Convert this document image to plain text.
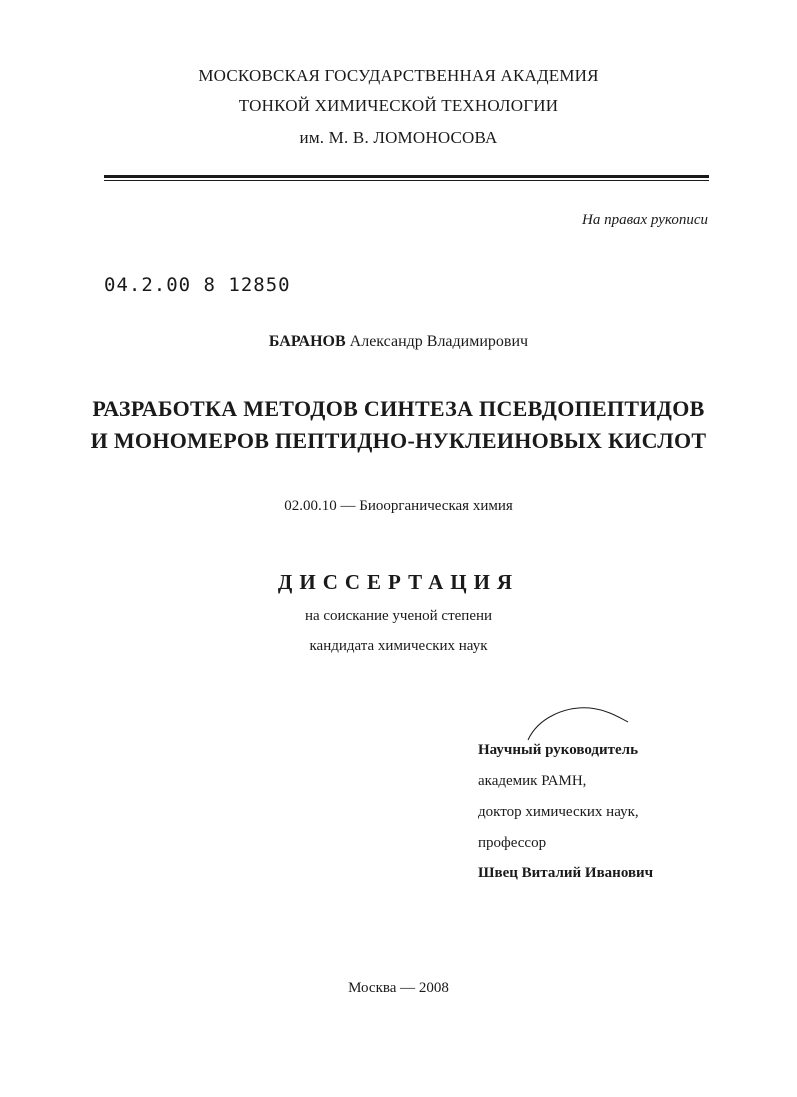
МОСКОВСКАЯ ГОСУДАРСТВЕННАЯ АКАДЕМИЯ
ТОНКОЙ ХИМИЧЕСКОЙ ТЕХНОЛОГИИ
им. М. В. ЛОМОНОСОВА
На правах рукописи
04.2.00 8 12850
БАРАНОВ Александр Владимирович
РАЗРАБОТКА МЕТОДОВ СИНТЕЗА ПСЕВДОПЕПТИДОВ
И МОНОМЕРОВ ПЕПТИДНО-НУКЛЕИНОВЫХ КИСЛОТ
02.00.10 — Биоорганическая химия
ДИССЕРТАЦИЯ
на соискание ученой степени
кандидата химических наук
Научный руководитель
академик РАМН,
доктор химических наук,
профессор
Швец Виталий Иванович
Москва — 2008
